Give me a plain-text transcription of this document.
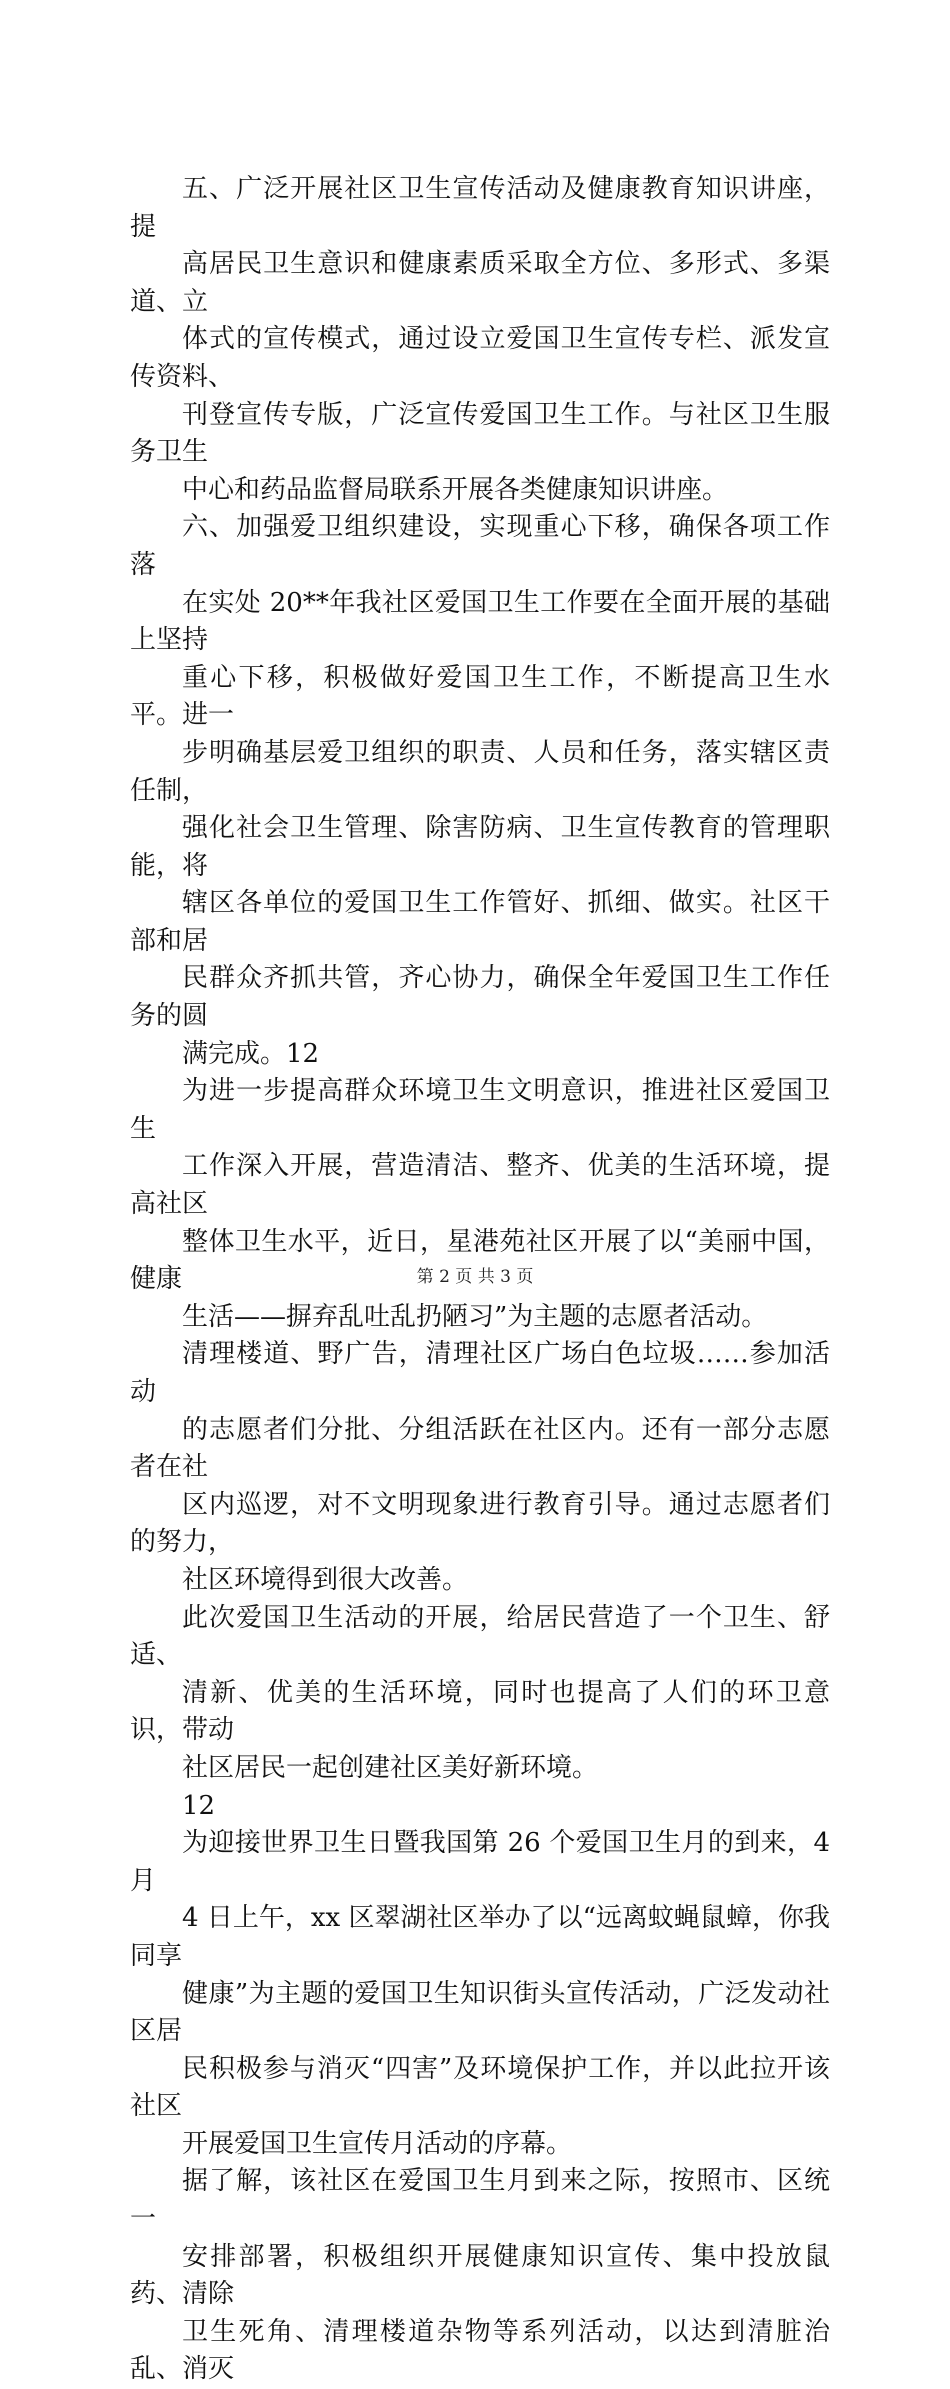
五、广泛开展社区卫生宣传活动及健康教育知识讲座，提
高居民卫生意识和健康素质采取全方位、多形式、多渠道、立
体式的宣传模式，通过设立爱国卫生宣传专栏、派发宣传资料、
刊登宣传专版，广泛宣传爱国卫生工作。与社区卫生服务卫生
中心和药品监督局联系开展各类健康知识讲座。

六、加强爱卫组织建设，实现重心下移，确保各项工作落
在实处 20**年我社区爱国卫生工作要在全面开展的基础上坚持
重心下移，积极做好爱国卫生工作，不断提高卫生水平。进一
步明确基层爱卫组织的职责、人员和任务，落实辖区责任制，
强化社会卫生管理、除害防病、卫生宣传教育的管理职能，将
辖区各单位的爱国卫生工作管好、抓细、做实。社区干部和居
民群众齐抓共管，齐心协力，确保全年爱国卫生工作任务的圆
满完成。12

为进一步提高群众环境卫生文明意识，推进社区爱国卫生
工作深入开展，营造清洁、整齐、优美的生活环境，提高社区
整体卫生水平，近日，星港苑社区开展了以“美丽中国，健康
生活——摒弃乱吐乱扔陋习”为主题的志愿者活动。

清理楼道、野广告，清理社区广场白色垃圾……参加活动
的志愿者们分批、分组活跃在社区内。还有一部分志愿者在社
区内巡逻，对不文明现象进行教育引导。通过志愿者们的努力，
社区环境得到很大改善。

此次爱国卫生活动的开展，给居民营造了一个卫生、舒适、
清新、优美的生活环境，同时也提高了人们的环卫意识，带动
社区居民一起创建社区美好新环境。

12

为迎接世界卫生日暨我国第 26 个爱国卫生月的到来，4 月
4 日上午，xx 区翠湖社区举办了以“远离蚊蝇鼠蟑，你我同享
健康”为主题的爱国卫生知识街头宣传活动，广泛发动社区居
民积极参与消灭“四害”及环境保护工作，并以此拉开该社区
开展爱国卫生宣传月活动的序幕。

据了解，该社区在爱国卫生月到来之际，按照市、区统一
安排部署，积极组织开展健康知识宣传、集中投放鼠药、清除
卫生死角、清理楼道杂物等系列活动，以达到清脏治乱、消灭

第 2 页 共 3 页
